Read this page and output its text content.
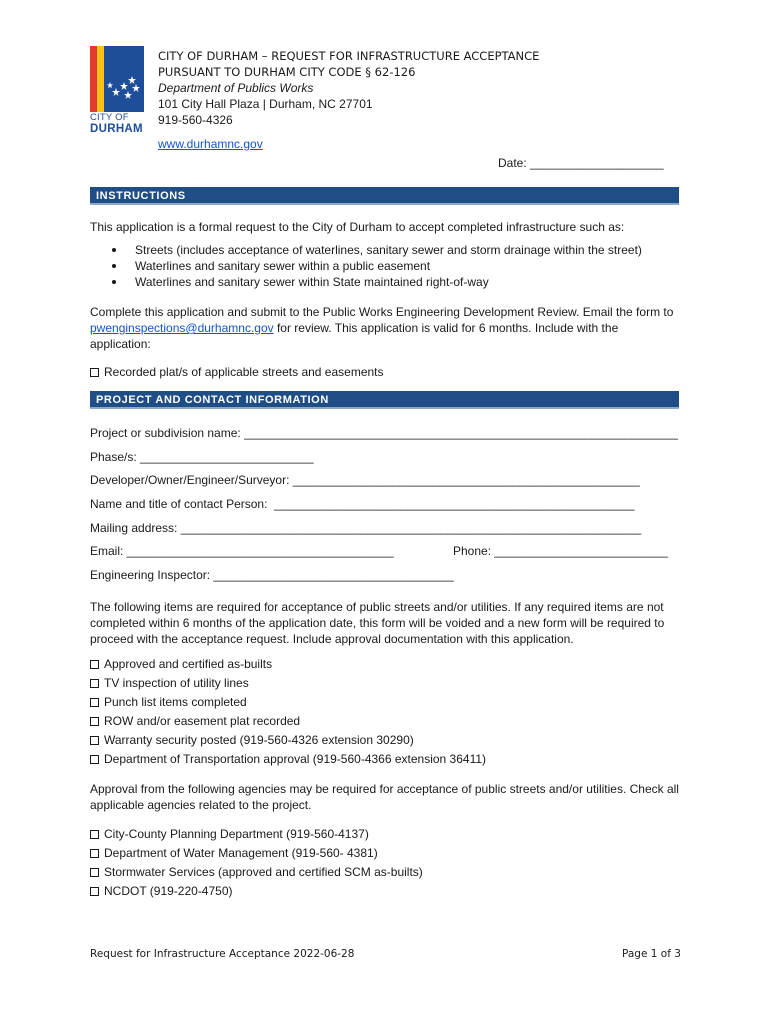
CITY OF
DURHAM
CITY OF DURHAM – REQUEST FOR INFRASTRUCTURE ACCEPTANCE
PURSUANT TO DURHAM CITY CODE § 62-126
Department of Publics Works
101 City Hall Plaza | Durham, NC 27701
919-560-4326
www.durhamnc.gov
Date: ____________________
INSTRUCTIONS
This application is a formal request to the City of Durham to accept completed infrastructure such as:
Streets (includes acceptance of waterlines, sanitary sewer and storm drainage within the street)
Waterlines and sanitary sewer within a public easement
Waterlines and sanitary sewer within State maintained right-of-way
Complete this application and submit to the Public Works Engineering Development Review. Email the form to pwenginspections@durhamnc.gov for review. This application is valid for 6 months. Include with the application:
Recorded plat/s of applicable streets and easements
PROJECT AND CONTACT INFORMATION
Project or subdivision name: _________________________________________________________________
Phase/s: __________________________
Developer/Owner/Engineer/Surveyor: ____________________________________________________
Name and title of contact Person:  ______________________________________________________
Mailing address: _____________________________________________________________________
Email: ________________________________________	Phone: __________________________
Engineering Inspector: ____________________________________
The following items are required for acceptance of public streets and/or utilities. If any required items are not completed within 6 months of the application date, this form will be voided and a new form will be required to proceed with the acceptance request. Include approval documentation with this application.
Approved and certified as-builts
TV inspection of utility lines
Punch list items completed
ROW and/or easement plat recorded
Warranty security posted (919-560-4326 extension 30290)
Department of Transportation approval (919-560-4366 extension 36411)
Approval from the following agencies may be required for acceptance of public streets and/or utilities. Check all applicable agencies related to the project.
City-County Planning Department (919-560-4137)
Department of Water Management (919-560- 4381)
Stormwater Services (approved and certified SCM as-builts)
NCDOT (919-220-4750)
Request for Infrastructure Acceptance 2022-06-28	Page 1 of 3
